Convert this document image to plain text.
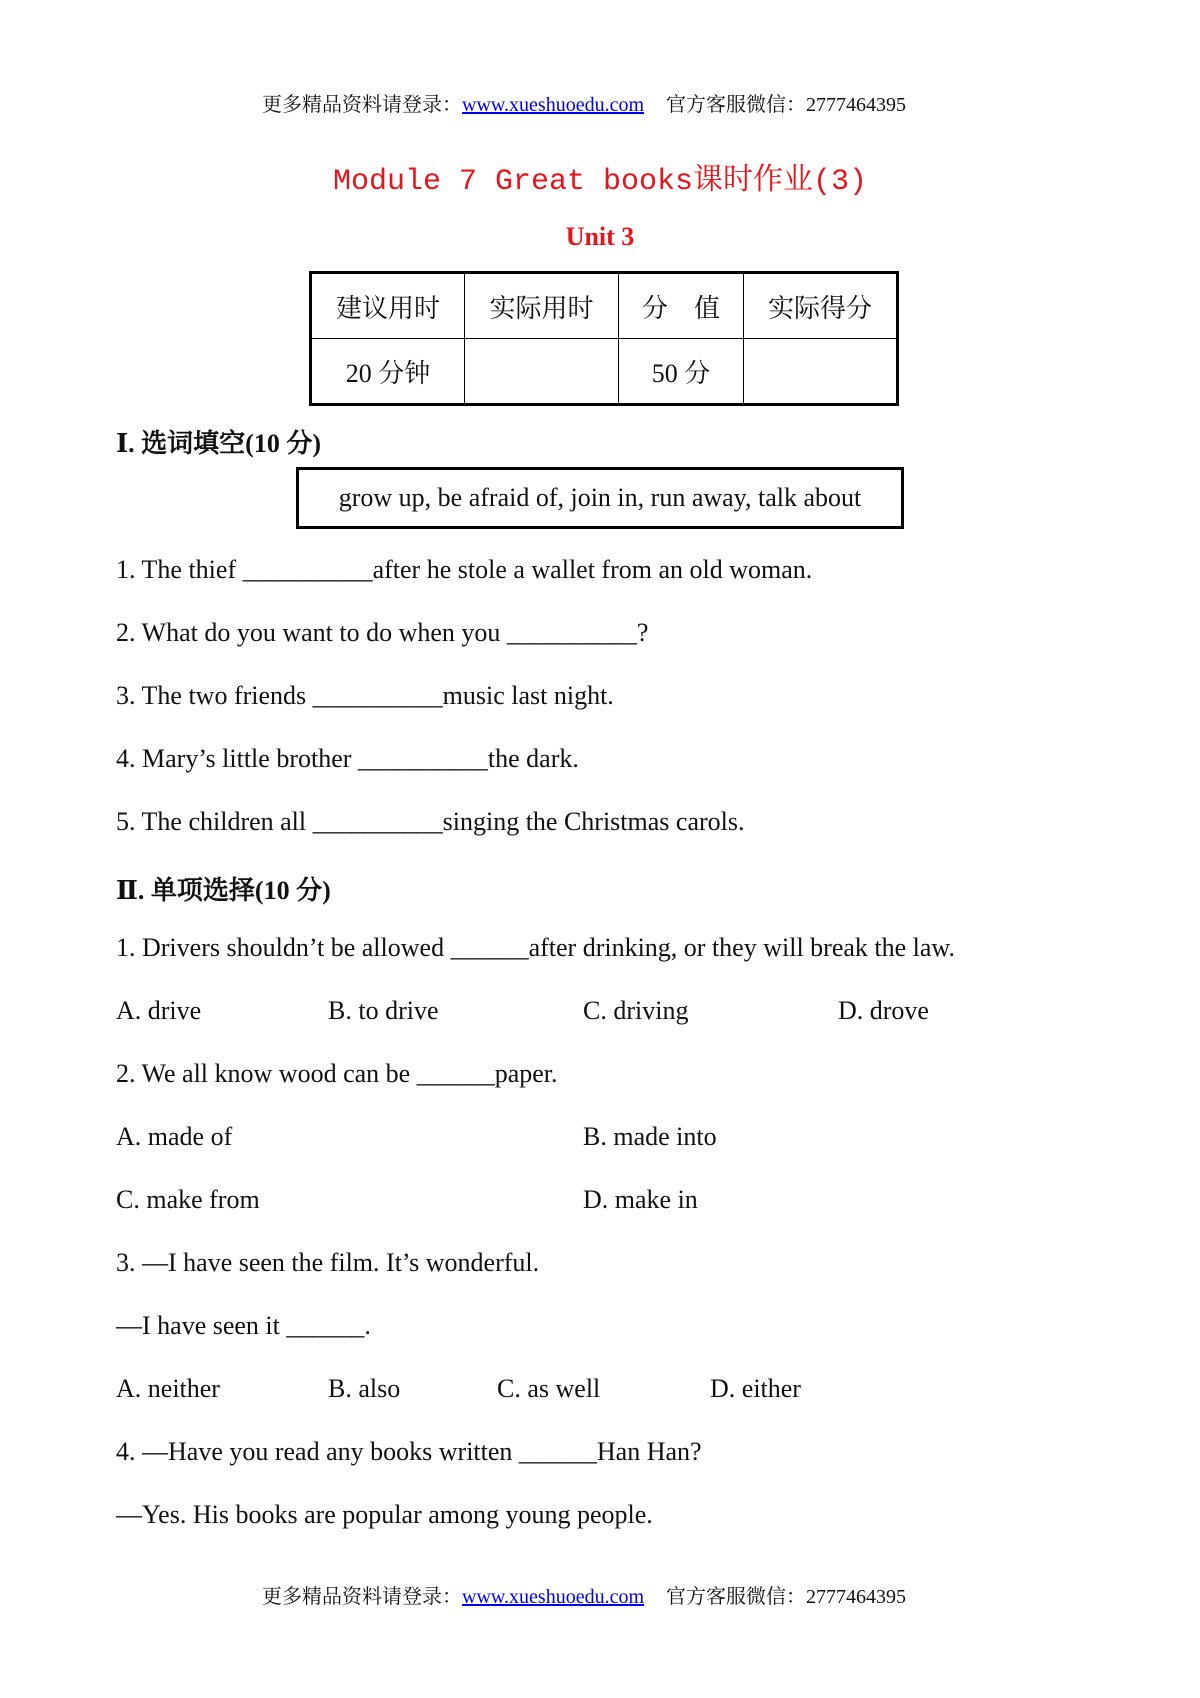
更多精品资料请登录：www.xueshuoedu.com 官方客服微信：2777464395
Module 7 Great books课时作业(3)
Unit 3
建议用时	实际用时	分　值	实际得分
20 分钟		50 分	
Ⅰ. 选词填空(10 分)
grow up, be afraid of, join in, run away, talk about
1. The thief __________after he stole a wallet from an old woman.
2. What do you want to do when you __________?
3. The two friends __________music last night.
4. Mary’s little brother __________the dark.
5. The children all __________singing the Christmas carols.
Ⅱ. 单项选择(10 分)
1. Drivers shouldn’t be allowed ______after drinking, or they will break the law.
A. drive	B. to drive	C. driving	D. drove
2. We all know wood can be ______paper.
A. made of	B. made into
C. make from	D. make in
3. —I have seen the film. It’s wonderful.
—I have seen it ______.
A. neither	B. also	C. as well	D. either
4. —Have you read any books written ______Han Han?
—Yes. His books are popular among young people.
更多精品资料请登录：www.xueshuoedu.com 官方客服微信：2777464395
